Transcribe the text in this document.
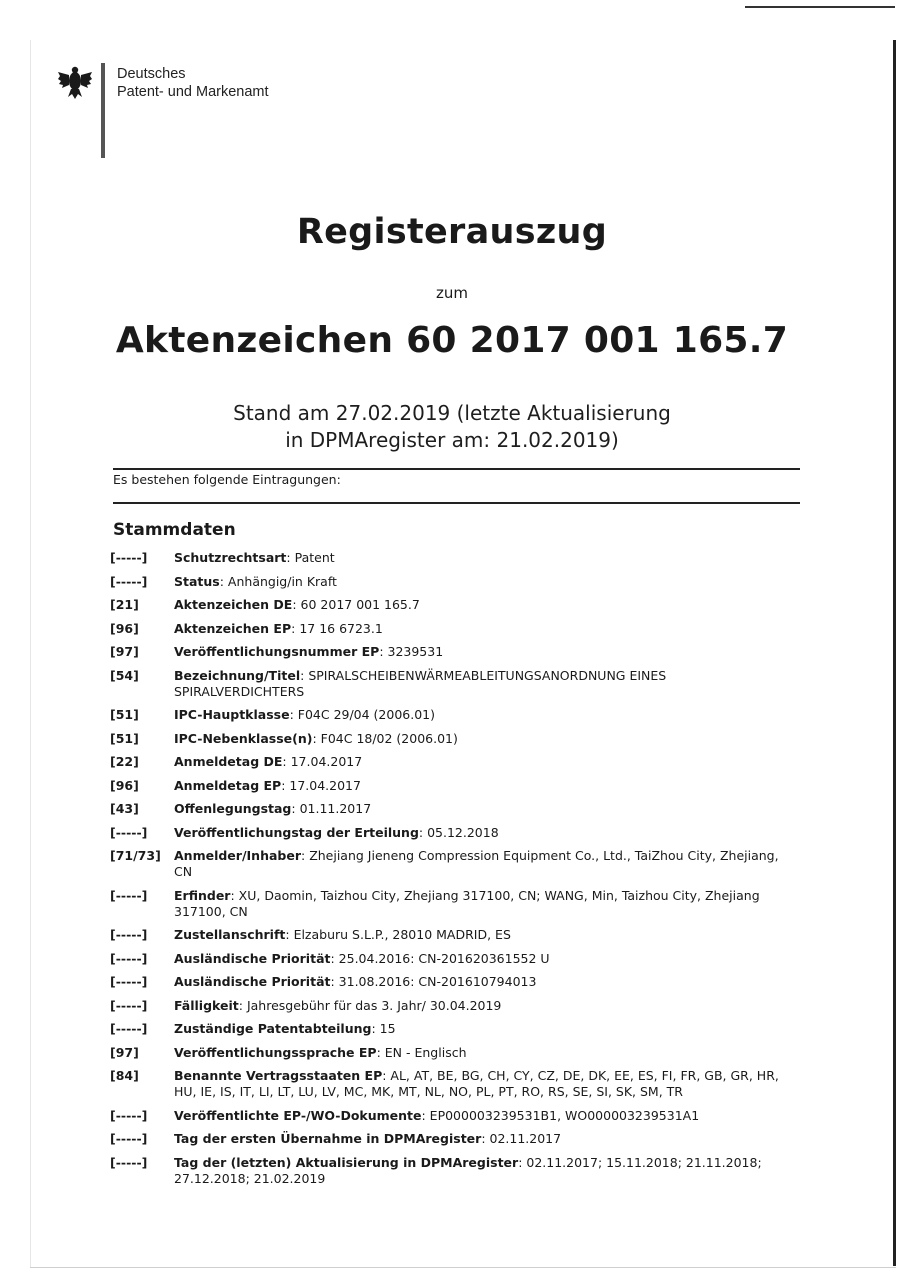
Deutsches
Patent- und Markenamt
Registerauszug
zum
Aktenzeichen 60 2017 001 165.7
Stand am 27.02.2019 (letzte Aktualisierung
in DPMAregister am: 21.02.2019)
Es bestehen folgende Eintragungen:
Stammdaten
[-----]	Schutzrechtsart: Patent
[-----]	Status: Anhängig/in Kraft
[21]	Aktenzeichen DE: 60 2017 001 165.7
[96]	Aktenzeichen EP: 17 16 6723.1
[97]	Veröffentlichungsnummer EP: 3239531
[54]	Bezeichnung/Titel: SPIRALSCHEIBENWÄRMEABLEITUNGSANORDNUNG EINES SPIRALVERDICHTERS
[51]	IPC-Hauptklasse: F04C 29/04 (2006.01)
[51]	IPC-Nebenklasse(n): F04C 18/02 (2006.01)
[22]	Anmeldetag DE: 17.04.2017
[96]	Anmeldetag EP: 17.04.2017
[43]	Offenlegungstag: 01.11.2017
[-----]	Veröffentlichungstag der Erteilung: 05.12.2018
[71/73]	Anmelder/Inhaber: Zhejiang Jieneng Compression Equipment Co., Ltd., TaiZhou City, Zhejiang, CN
[-----]	Erfinder: XU, Daomin, Taizhou City, Zhejiang 317100, CN; WANG, Min, Taizhou City, Zhejiang 317100, CN
[-----]	Zustellanschrift: Elzaburu S.L.P., 28010 MADRID, ES
[-----]	Ausländische Priorität: 25.04.2016: CN-201620361552 U
[-----]	Ausländische Priorität: 31.08.2016: CN-201610794013
[-----]	Fälligkeit: Jahresgebühr für das 3. Jahr/ 30.04.2019
[-----]	Zuständige Patentabteilung: 15
[97]	Veröffentlichungssprache EP: EN - Englisch
[84]	Benannte Vertragsstaaten EP: AL, AT, BE, BG, CH, CY, CZ, DE, DK, EE, ES, FI, FR, GB, GR, HR, HU, IE, IS, IT, LI, LT, LU, LV, MC, MK, MT, NL, NO, PL, PT, RO, RS, SE, SI, SK, SM, TR
[-----]	Veröffentlichte EP-/WO-Dokumente: EP000003239531B1, WO000003239531A1
[-----]	Tag der ersten Übernahme in DPMAregister: 02.11.2017
[-----]	Tag der (letzten) Aktualisierung in DPMAregister: 02.11.2017; 15.11.2018; 21.11.2018; 27.12.2018; 21.02.2019
